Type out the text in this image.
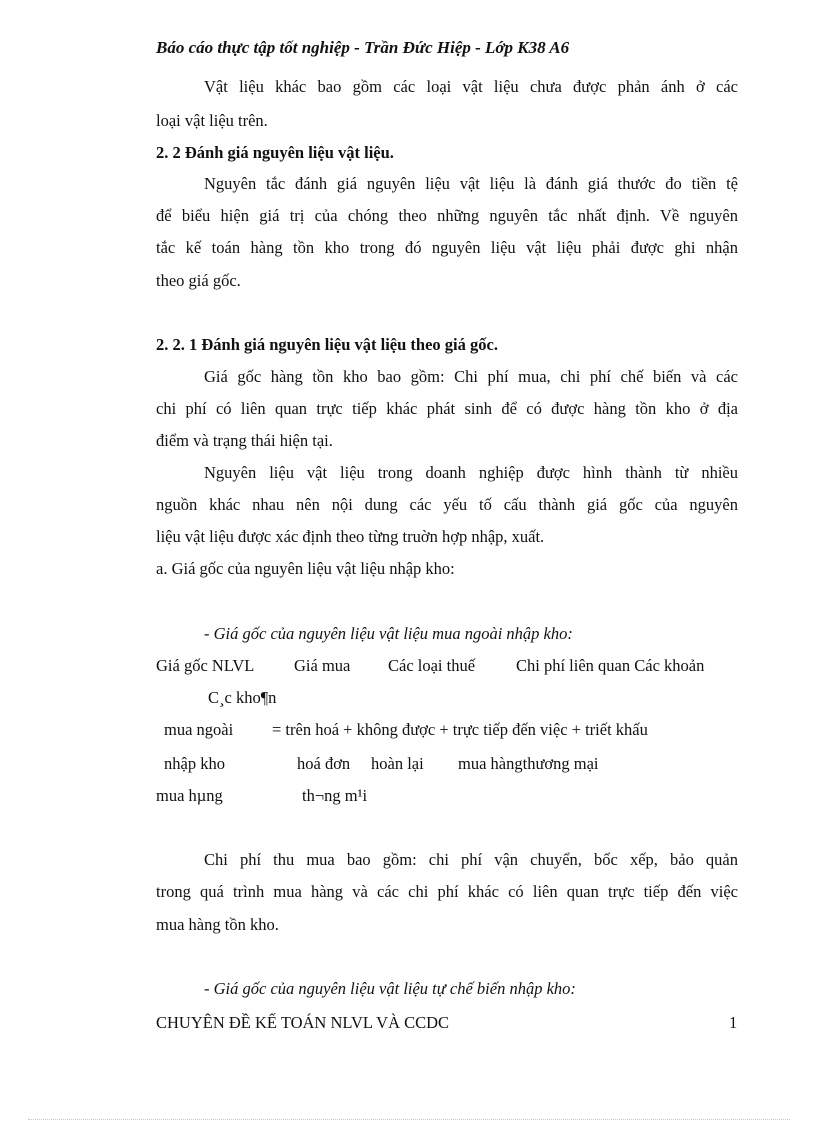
Báo cáo thực tập tốt nghiệp - Trần Đức Hiệp - Lớp K38 A6
Vật liệu khác bao gồm các loại vật liệu chưa được phản ánh ở các
loại vật liệu trên.
2. 2 Đánh giá nguyên liệu vật liệu.
Nguyên tắc đánh giá nguyên liệu vật liệu là đánh giá thước đo tiền tệ
để biểu hiện giá trị của chóng theo những nguyên tắc nhất định. Về nguyên
tắc kế toán hàng tồn kho trong đó nguyên liệu vật liệu phải được ghi nhận
theo giá gốc.
2. 2. 1 Đánh giá nguyên liệu vật liệu theo giá gốc.
Giá gốc hàng tồn kho bao gồm: Chi phí mua, chi phí chế biến và các
chi phí có liên quan trực tiếp khác phát sinh để có được hàng tồn kho ở địa
điểm và trạng thái hiện tại.
Nguyên liệu vật liệu trong doanh nghiệp được hình thành từ nhiều
nguồn khác nhau nên nội dung các yếu tố cấu thành giá gốc của nguyên
liệu vật liệu được xác định theo từng truờn hợp nhập, xuất.
a. Giá gốc của nguyên liệu vật liệu nhập kho:
- Giá gốc của nguyên liệu vật liệu mua ngoài nhập kho:
Giá gốc NLVL Giá mua Các loại thuế Chi phí liên quan Các khoản
C¸c kho¶n
mua ngoài = trên hoá + không được + trực tiếp đến việc + triết khấu
nhập kho	hoá đơn hoàn lại mua hàngthương mại
mua hµng	th¬ng m¹i
Chi phí thu mua bao gồm: chi phí vận chuyển, bốc xếp, bảo quản
trong quá trình mua hàng và các chi phí khác có liên quan trực tiếp đến việc
mua hàng tồn kho.
- Giá gốc của nguyên liệu vật liệu tự chế biến nhập kho:
CHUYÊN ĐỀ KẾ TOÁN NLVL VÀ CCDC	1
